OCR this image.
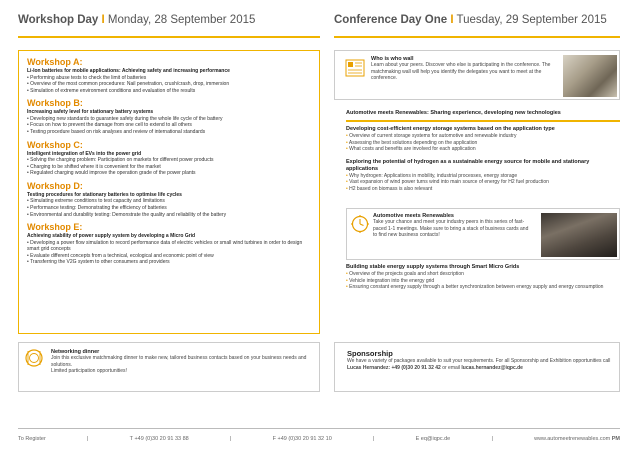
Workshop Day I Monday, 28 September 2015	Conference Day One I Tuesday, 29 September 2015
Workshop A:
Li-Ion batteries for mobile applications: Achieving safety and increasing performance
• Performing abuse tests to check the limit of batteries
• Overview of the most common procedures: Nail penetration, crush/crash, drop, immersion
• Simulation of extreme environment conditions and evaluation of the results
Workshop B:
Increasing safety level for stationary battery systems
• Developing new standards to guarantee safety during the whole life cycle of the battery
• Focus on how to prevent the damage from one cell to extend to all others
• Testing procedure based on risk analyses and review of international standards
Workshop C:
Intelligent integration of EVs into the power grid
• Solving the charging problem: Participation on markets for different power products
• Charging to be shifted where it is convenient for the market
• Regulated charging would improve the operation grade of the power plants
Workshop D:
Testing procedures for stationary batteries to optimise life cycles
• Simulating extreme conditions to test capacity and limitations
• Performance testing: Demonstrating the efficiency of batteries
• Environmental and durability testing: Demonstrate the quality and reliability of the battery
Workshop E:
Achieving stability of power supply system by developing a Micro Grid
• Developing a power flow simulation to record performance data of electric vehicles or small wind turbines in order to design smart grid concepts
• Evaluate different concepts from a technical, ecological and economic point of view
• Transferring the V2G system to other consumers and providers
Networking dinner
Join this exclusive matchmaking dinner to make new, tailored business contacts based on your business needs and solutions.
Limited participation opportunities!
Who is who wall
Learn about your peers. Discover who else is participating in the conference. The matchmaking wall will help you identify the delegates you want to meet at the conference.
Automotive meets Renewables: Sharing experience, developing new technologies
Developing cost-efficient energy storage systems based on the application type
• Overview of current storage systems for automotive and renewable industry
• Assessing the best solutions depending on the application
• What costs and benefits are involved for each application
Exploring the potential of hydrogen as a sustainable energy source for mobile and stationary applications
• Why hydrogen: Applications in mobility, industrial processes, energy storage
• Vast expansion of wind power turns wind into main source of energy for H2 fuel production
• H2 based on biomass is also relevant
Automotive meets Renewables
Take your chance and meet your industry peers in this series of fast-paced 1-1 meetings. Make sure to bring a stack of business cards and to find new business contacts!
Building stable energy supply systems through Smart Micro Grids
• Overview of the projects goals and short description
• Vehicle integration into the energy grid
• Ensuring constant energy supply through a better synchronization between energy supply and energy consumption
Sponsorship
We have a variety of packages available to suit your requirements. For all Sponsorship and Exhibition opportunities call Lucas Hernandez: +49 (0)30 20 91 32 42 or email lucas.hernandez@iqpc.de
To Register	|	T +49 (0)30 20 91 33 88	|	F +49 (0)30 20 91 32 10	|	E eq@iqpc.de	|	www.automeetrenewables.com PM
